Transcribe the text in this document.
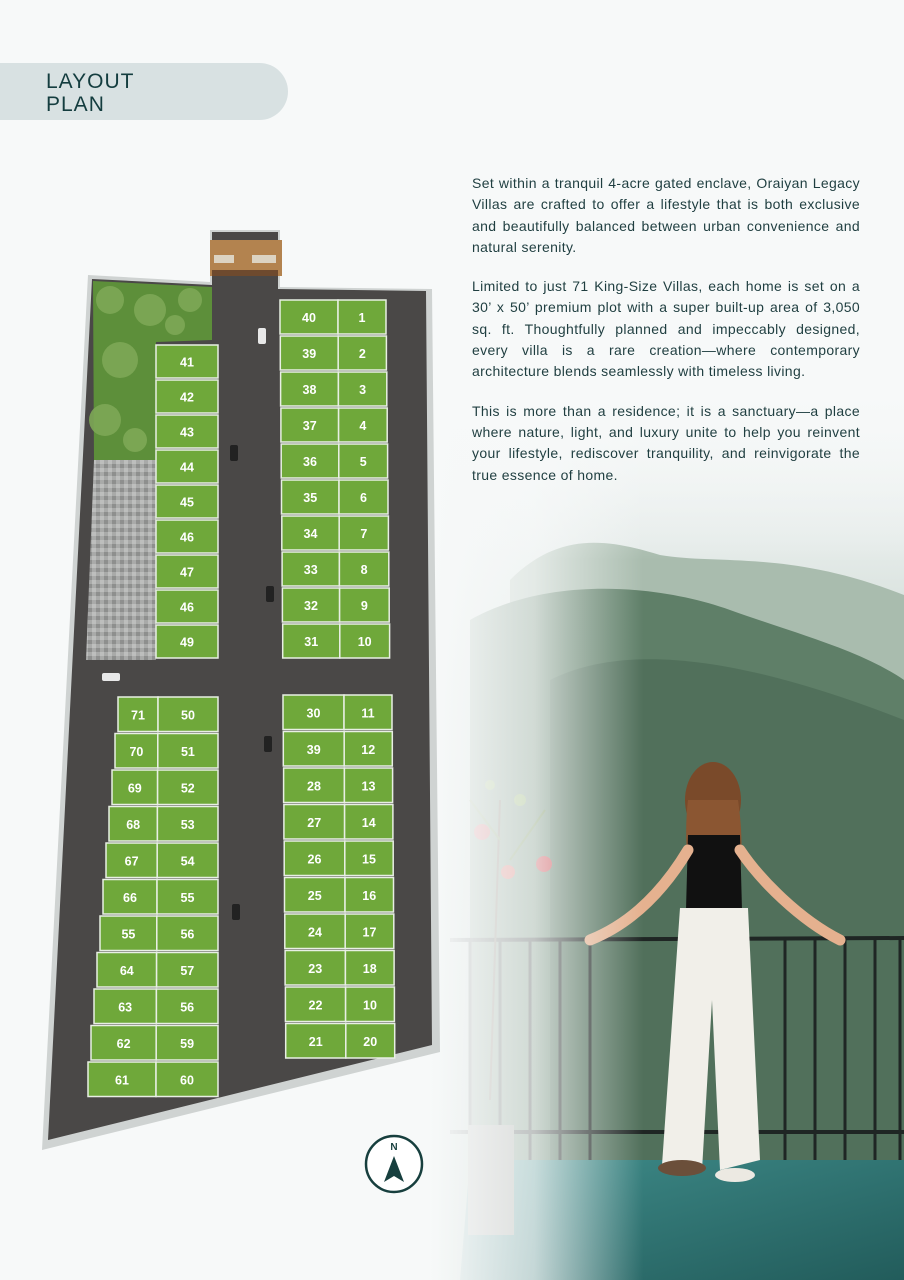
LAYOUT
PLAN

Set within a tranquil 4-acre gated enclave, Oraiyan Legacy Villas are crafted to offer a lifestyle that is both exclusive and beautifully balanced between urban convenience and natural serenity.

Limited to just 71 King-Size Villas, each home is set on a 30’ x 50’ premium plot with a super built-up area of 3,050 sq. ft. Thoughtfully planned and impeccably designed, every villa is a rare creation—where contemporary architecture blends seamlessly with timeless living.

This is more than a residence; it is a sanctuary—a place where nature, light, and luxury unite to help you reinvent your lifestyle, rediscover tranquility, and reinvigorate the true essence of home.

41
42
43
44
45
46
47
46
49
40
39
38
37
36
35
34
33
32
31
1
2
3
4
5
6
7
8
9
10
71
70
69
68
67
66
55
64
63
62
61
50
51
52
53
54
55
56
57
56
59
60
30
39
28
27
26
25
24
23
22
21
11
12
13
14
15
16
17
18
10
20
N
